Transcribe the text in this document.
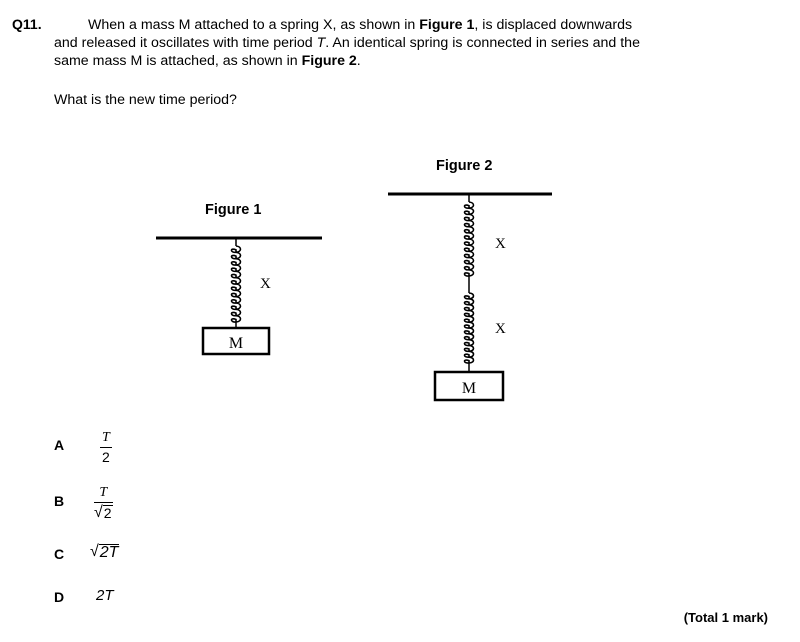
Q11.	When a mass M attached to a spring X, as shown in Figure 1, is displaced downwards
and released it oscillates with time period T. An identical spring is connected in series and the
same mass M is attached, as shown in Figure 2.
What is the new time period?
Figure 1
M
X
Figure 2
M
X
X
A	$\frac{T}{2}$
B $\frac{T}{√ 2}$
C √ 2T
D 2T
(Total 1 mark)
